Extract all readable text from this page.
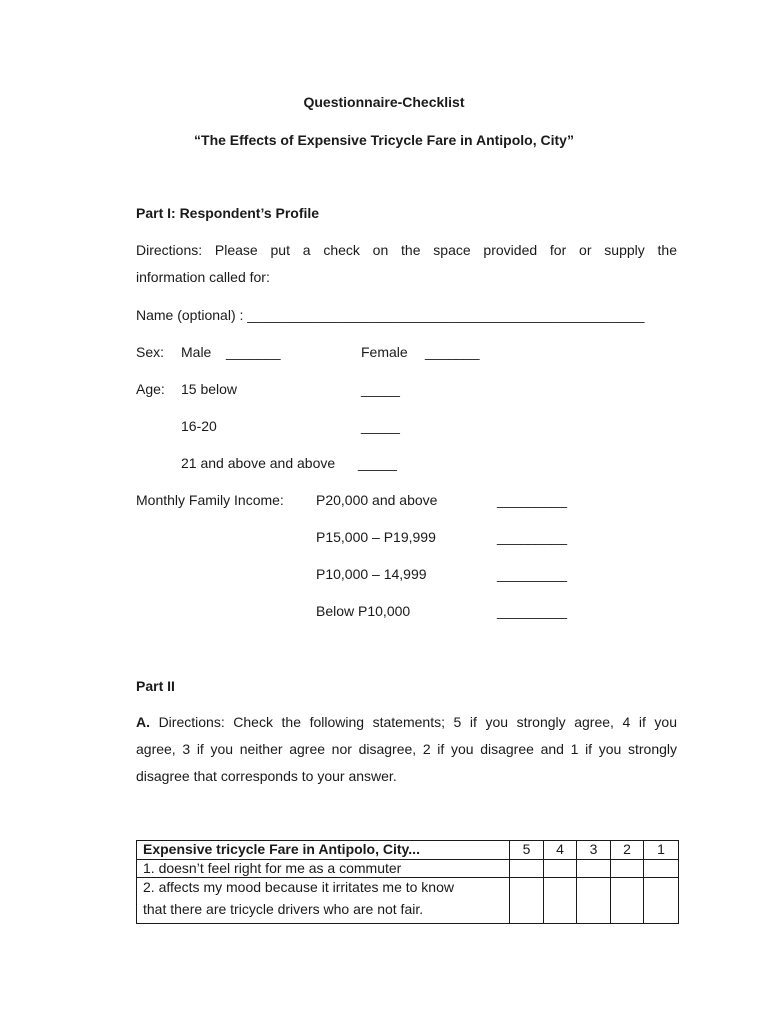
Questionnaire-Checklist
“The Effects of Expensive Tricycle Fare in Antipolo, City”
Part I: Respondent’s Profile
Directions: Please put a check on the space provided for or supply the
information called for:
Name (optional) : ___________________________________________________
Sex: Male _______	Female _______
Age: 15 below	_____
16-20	_____
21 and above and above _____
Monthly Family Income: P20,000 and above	_________
P15,000 – P19,999	_________
P10,000 – 14,999	_________
Below P10,000	_________
Part II
A. Directions: Check the following statements; 5 if you strongly agree, 4 if you
agree, 3 if you neither agree nor disagree, 2 if you disagree and 1 if you strongly
disagree that corresponds to your answer.
Expensive tricycle Fare in Antipolo, City...	5	4	3	2	1
1. doesn’t feel right for me as a commuter					

2. affects my mood because it irritates me to know
that there are tricycle drivers who are not fair.					
